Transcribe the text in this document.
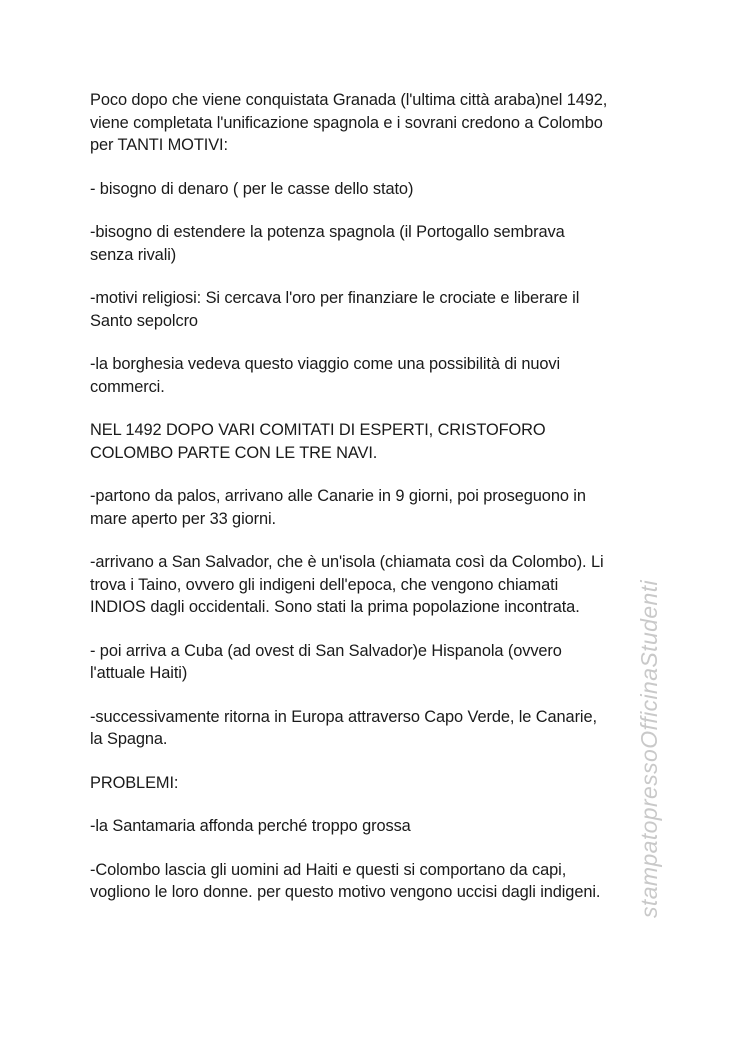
Poco dopo che viene conquistata Granada (l'ultima città araba)nel 1492,
viene completata l'unificazione spagnola e i sovrani credono a Colombo
per TANTI MOTIVI:

- bisogno di denaro ( per le casse dello stato)

-bisogno di estendere la potenza spagnola (il Portogallo sembrava
senza rivali)

-motivi religiosi: Si cercava l'oro per finanziare le crociate e liberare il
Santo sepolcro

-la borghesia vedeva questo viaggio come una possibilità di nuovi
commerci.

NEL 1492 DOPO VARI COMITATI DI ESPERTI, CRISTOFORO
COLOMBO PARTE CON LE TRE NAVI.

-partono da palos, arrivano alle Canarie in 9 giorni, poi proseguono in
mare aperto per 33 giorni.

-arrivano a San Salvador, che è un'isola (chiamata così da Colombo). Li
trova i Taino, ovvero gli indigeni dell'epoca, che vengono chiamati
INDIOS dagli occidentali. Sono stati la prima popolazione incontrata.

- poi arriva a Cuba (ad ovest di San Salvador)e Hispanola (ovvero
l'attuale Haiti)

-successivamente ritorna in Europa attraverso Capo Verde, le Canarie,
la Spagna.

PROBLEMI:

-la Santamaria affonda perché troppo grossa

-Colombo lascia gli uomini ad Haiti e questi si comportano da capi,
vogliono le loro donne. per questo motivo vengono uccisi dagli indigeni.	stampatopressoOfficinaStudenti
